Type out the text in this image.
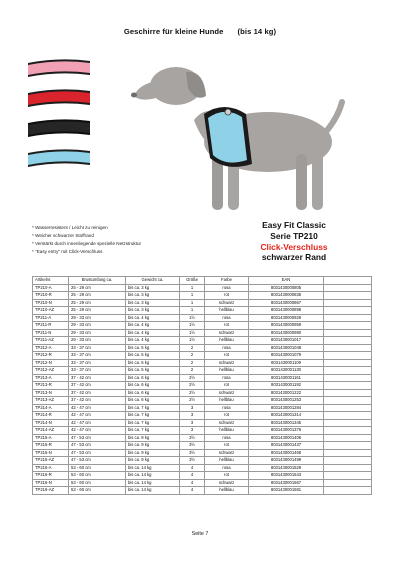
Geschirre für kleine Hunde (bis 14 kg)
* Wasserresistent / Leicht zu reinigen
* Weicher schwarzer Stoffrand
* Verstärkt durch innenliegende spezielle Netzstruktur
* "Easy entry" mit Click-Verschluss
Easy Fit Classic
Serie TP210
Click-Verschluss
schwarzer Rand
Artikelnr.	Brustumfang ca.	Gewicht ca.	Größe	Farbe	EAN	
TP210-A	25 - 29 cm	bis ca. 3 kg	1	rosa	8031430000805	
TP210-R	25 - 29 cm	bis ca. 3 kg	1	rot	8031430000836	
TP210-N	25 - 29 cm	bis ca. 3 kg	1	schwarz	8031430000867	
TP210-AZ	25 - 29 cm	bis ca. 3 kg	1	hellblau	8031430000898	
TP211-A	29 - 33 cm	bis ca. 4 kg	1½	rosa	8031430000928	
TP211-R	29 - 33 cm	bis ca. 4 kg	1½	rot	8031430000959	
TP211-N	29 - 33 cm	bis ca. 4 kg	1½	schwarz	8031430000980	
TP211-AZ	29 - 33 cm	bis ca. 4 kg	1½	hellblau	8031430001017	
TP212-A	33 - 37 cm	bis ca. 5 kg	2	rosa	8031430001048	
TP212-R	33 - 37 cm	bis ca. 5 kg	2	rot	8031430001079	
TP212-N	33 - 37 cm	bis ca. 5 kg	2	schwarz	8031430001109	
TP212-AZ	33 - 37 cm	bis ca. 5 kg	2	hellblau	8031430001130	
TP213-A	37 - 42 cm	bis ca. 6 kg	2½	rosa	8031430001161	
TP213-R	37 - 42 cm	bis ca. 6 kg	2½	rot	8031430001192	
TP213-N	37 - 42 cm	bis ca. 6 kg	2½	schwarz	8031430001222	
TP213-AZ	37 - 42 cm	bis ca. 6 kg	2½	hellblau	8031430001253	
TP214-A	42 - 47 cm	bis ca. 7 kg	3	rosa	8031430001284	
TP214-R	42 - 47 cm	bis ca. 7 kg	3	rot	8031430001314	
TP214-N	42 - 47 cm	bis ca. 7 kg	3	schwarz	8031430001345	
TP214-AZ	42 - 47 cm	bis ca. 7 kg	3	hellblau	8031430001376	
TP215-A	47 - 53 cm	bis ca. 9 kg	3½	rosa	8031430001406	
TP215-R	47 - 53 cm	bis ca. 9 kg	3½	rot	8031430001437	
TP215-N	47 - 53 cm	bis ca. 9 kg	3½	schwarz	8031430001468	
TP215-AZ	47 - 53 cm	bis ca. 9 kg	3½	hellblau	8031430001499	
TP216-A	53 - 60 cm	bis ca. 14 kg	4	rosa	8031430001529	
TP216-R	53 - 60 cm	bis ca. 14 kg	4	rot	8031430001543	
TP216-N	53 - 60 cm	bis ca. 14 kg	4	schwarz	8031430001567	
TP216-AZ	53 - 60 cm	bis ca. 14 kg	4	hellblau	8031430001581	
Seite 7
